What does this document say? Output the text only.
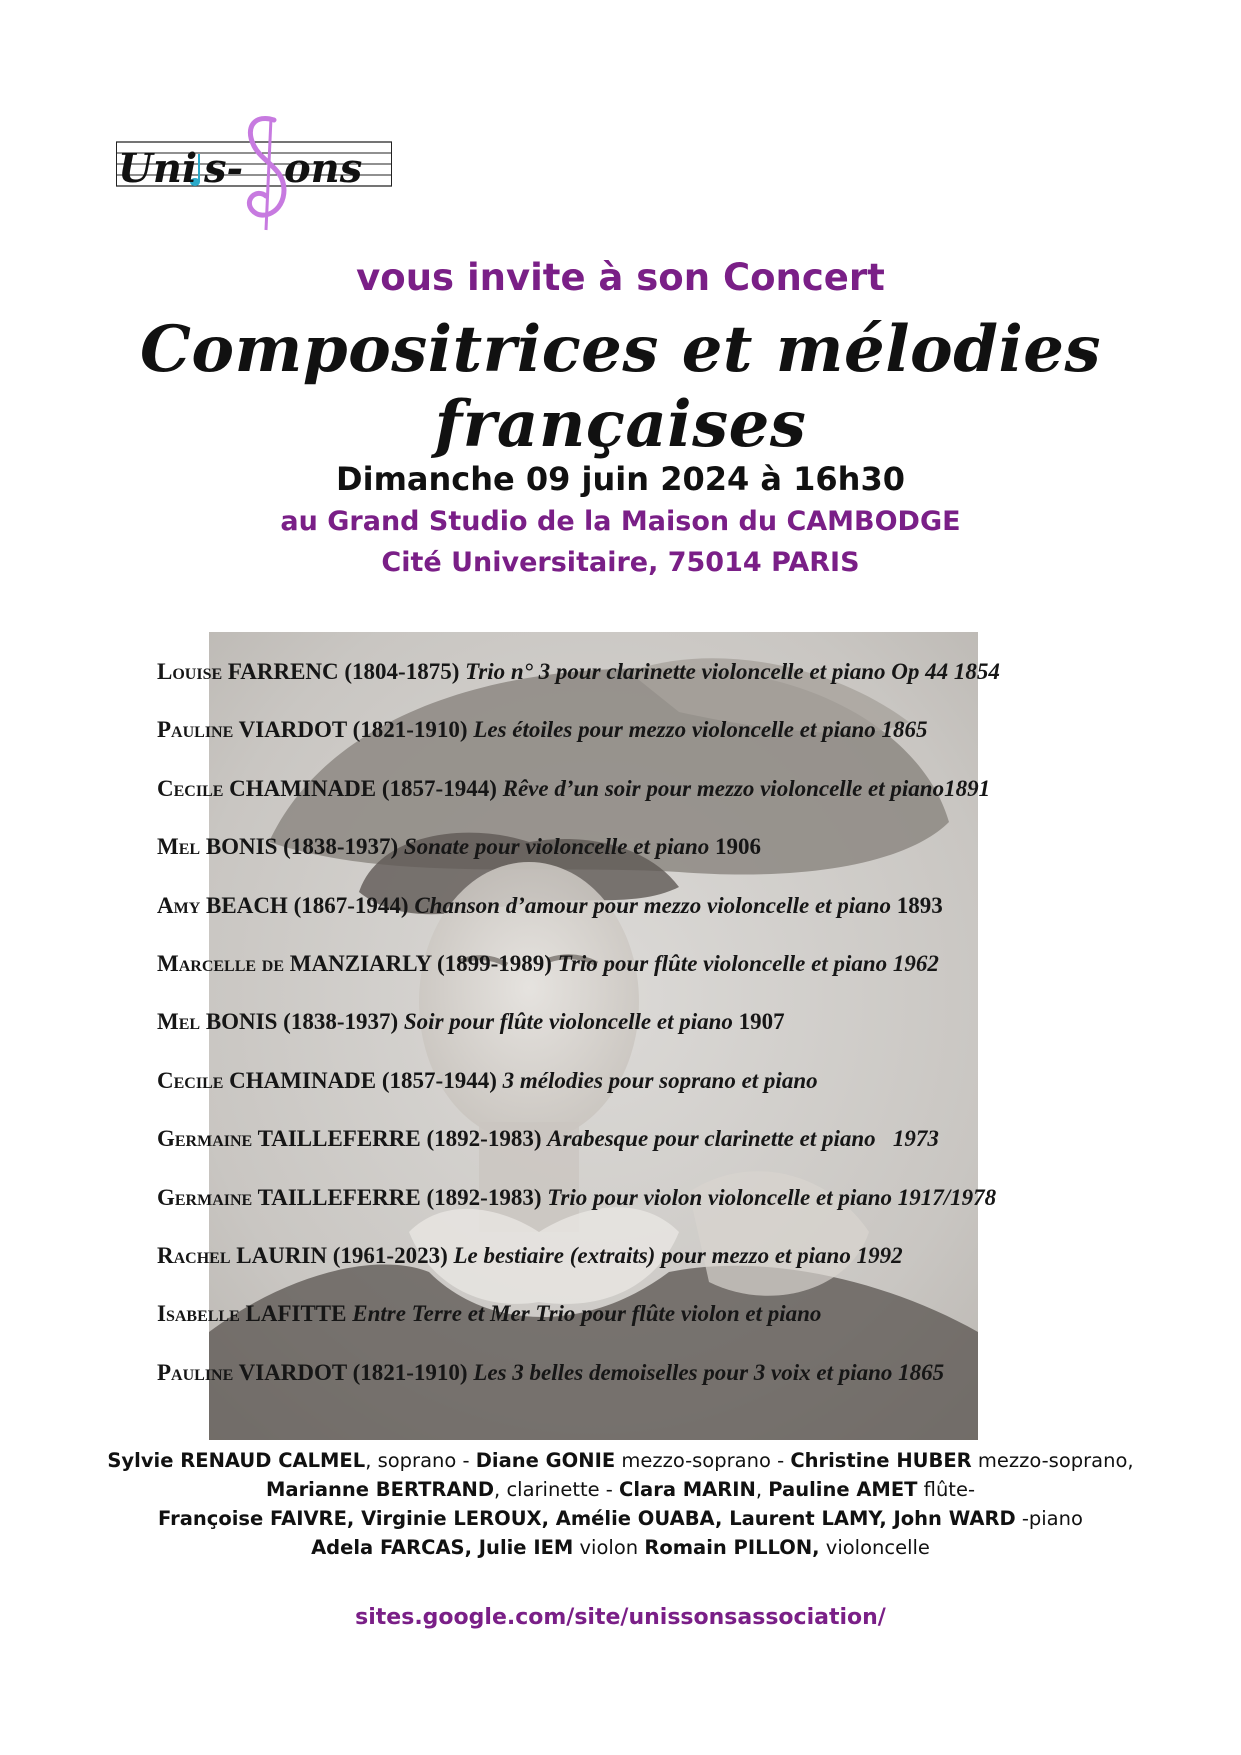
Uni s- ons
vous invite à son Concert
Compositrices et mélodies françaises
Dimanche 09 juin 2024 à 16h30
au Grand Studio de la Maison du CAMBODGE
Cité Universitaire, 75014 PARIS
Louise FARRENC (1804-1875) Trio n° 3 pour clarinette violoncelle et piano Op 44 1854
Pauline VIARDOT (1821-1910) Les étoiles pour mezzo violoncelle et piano 1865
Cecile CHAMINADE (1857-1944) Rêve d’un soir pour mezzo violoncelle et piano1891
Mel BONIS (1838-1937) Sonate pour violoncelle et piano 1906
Amy BEACH (1867-1944) Chanson d’amour pour mezzo violoncelle et piano 1893
Marcelle de MANZIARLY (1899-1989) Trio pour flûte violoncelle et piano 1962
Mel BONIS (1838-1937) Soir pour flûte violoncelle et piano 1907
Cecile CHAMINADE (1857-1944) 3 mélodies pour soprano et piano
Germaine TAILLEFERRE (1892-1983) Arabesque pour clarinette et piano   1973
Germaine TAILLEFERRE (1892-1983) Trio pour violon violoncelle et piano 1917/1978
Rachel LAURIN (1961-2023) Le bestiaire (extraits) pour mezzo et piano 1992
Isabelle LAFITTE Entre Terre et Mer Trio pour flûte violon et piano
Pauline VIARDOT (1821-1910) Les 3 belles demoiselles pour 3 voix et piano 1865
Sylvie RENAUD CALMEL, soprano - Diane GONIE mezzo-soprano - Christine HUBER mezzo-soprano,
Marianne BERTRAND, clarinette - Clara MARIN, Pauline AMET flûte-
Françoise FAIVRE, Virginie LEROUX, Amélie OUABA, Laurent LAMY, John WARD -piano
Adela FARCAS, Julie IEM violon Romain PILLON, violoncelle
sites.google.com/site/unissonsassociation/
